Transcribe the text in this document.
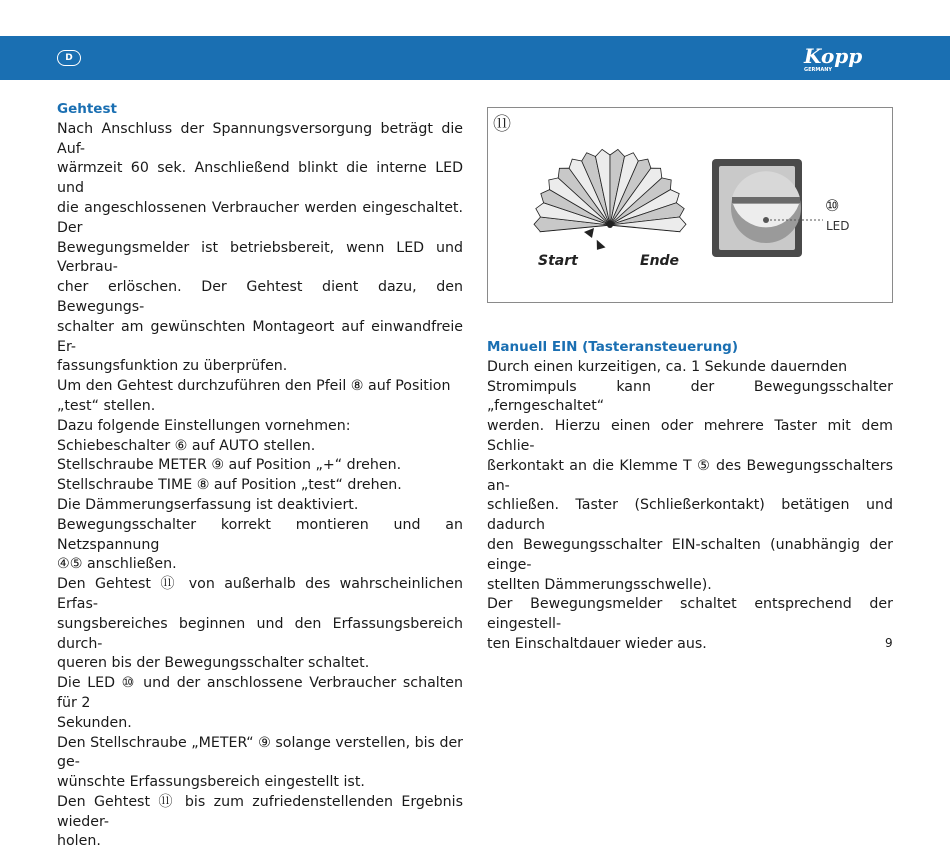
D	Kopp
GERMANY
Gehtest
Nach Anschluss der Spannungsversorgung beträgt die Auf-
wärmzeit 60 sek. Anschließend blinkt die interne LED und
die angeschlossenen Verbraucher werden eingeschaltet. Der
Bewegungsmelder ist betriebsbereit, wenn LED und Verbrau-
cher erlöschen. Der Gehtest dient dazu, den Bewegungs-
schalter am gewünschten Montageort auf einwandfreie Er-
fassungsfunktion zu überprüfen.
Um den Gehtest durchzuführen den Pfeil ⑧ auf Position
„test“ stellen.
Dazu folgende Einstellungen vornehmen:
Schiebeschalter ⑥ auf AUTO stellen.
Stellschraube METER ⑨ auf Position „+“ drehen.
Stellschraube TIME ⑧ auf Position „test“ drehen.
Die Dämmerungserfassung ist deaktiviert.
Bewegungsschalter korrekt montieren und an Netzspannung
④⑤ anschließen.
Den Gehtest ⑪ von außerhalb des wahrscheinlichen Erfas-
sungsbereiches beginnen und den Erfassungsbereich durch-
queren bis der Bewegungsschalter schaltet.
Die LED ⑩ und der anschlossene Verbraucher schalten für 2
Sekunden.
Den Stellschraube „METER“ ⑨ solange verstellen, bis der ge-
wünschte Erfassungsbereich eingestellt ist.
Den Gehtest ⑪ bis zum zufriedenstellenden Ergebnis wieder-
holen.
⑪
Start	Ende
⑩
LED
Manuell EIN (Tasteransteuerung)
Durch einen kurzeitigen, ca. 1 Sekunde dauernden
Stromimpuls kann der Bewegungsschalter „ferngeschaltet“
werden. Hierzu einen oder mehrere Taster mit dem Schlie-
ßerkontakt an die Klemme T ⑤ des Bewegungsschalters an-
schließen. Taster (Schließerkontakt) betätigen und dadurch
den Bewegungsschalter EIN-schalten (unabhängig der einge-
stellten Dämmerungsschwelle).
Der Bewegungsmelder schaltet entsprechend der eingestell-
ten Einschaltdauer wieder aus.	9
